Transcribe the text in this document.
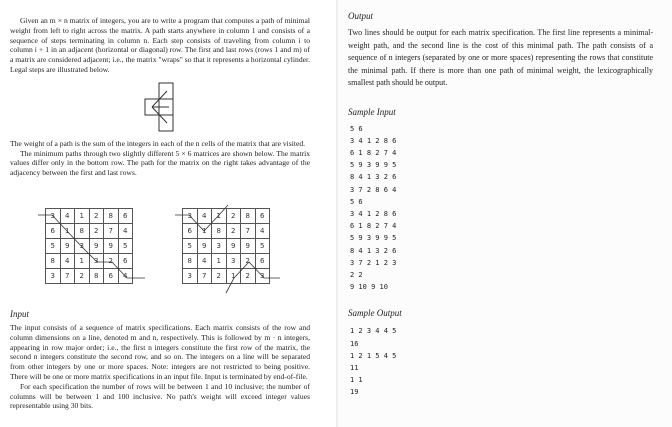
Given an m × n matrix of integers, you are to write a program that computes a path of minimal weight from left to right across the matrix. A path starts anywhere in column 1 and consists of a sequence of steps terminating in column n. Each step consists of traveling from column i to column i + 1 in an adjacent (horizontal or diagonal) row. The first and last rows (rows 1 and m) of a matrix are considered adjacent; i.e., the matrix "wraps" so that it represents a horizontal cylinder. Legal steps are illustrated below.

The weight of a path is the sum of the integers in each of the n cells of the matrix that are visited.

The minimum paths through two slightly different 5 × 6 matrices are shown below. The matrix values differ only in the bottom row. The path for the matrix on the right takes advantage of the adjacency between the first and last rows.

3	4	1	2	8	6
6	1	8	2	7	4
5	9	3	9	9	5
8	4	1	3	2	6
3	7	2	8	6	4
3	4	1	2	8	6
6	1	8	2	7	4
5	9	3	9	9	5
8	4	1	3	2	6
3	7	2	1	2	3
Input

The input consists of a sequence of matrix specifications. Each matrix consists of the row and column dimensions on a line, denoted m and n, respectively. This is followed by m · n integers, appearing in row major order; i.e., the first n integers constitute the first row of the matrix, the second n integers constitute the second row, and so on. The integers on a line will be separated from other integers by one or more spaces. Note: integers are not restricted to being positive. There will be one or more matrix specifications in an input file. Input is terminated by end-of-file.

For each specification the number of rows will be between 1 and 10 inclusive; the number of columns will be between 1 and 100 inclusive. No path's weight will exceed integer values representable using 30 bits.

Output

Two lines should be output for each matrix specification. The first line represents a minimal-weight path, and the second line is the cost of this minimal path. The path consists of a sequence of n integers (separated by one or more spaces) representing the rows that constitute the minimal path. If there is more than one path of minimal weight, the lexicographically smallest path should be output.

Sample Input
5 6
3 4 1 2 8 6
6 1 8 2 7 4
5 9 3 9 9 5
8 4 1 3 2 6
3 7 2 8 6 4
5 6
3 4 1 2 8 6
6 1 8 2 7 4
5 9 3 9 9 5
8 4 1 3 2 6
3 7 2 1 2 3
2 2
9 10 9 10
Sample Output
1 2 3 4 4 5
16
1 2 1 5 4 5
11
1 1
19
